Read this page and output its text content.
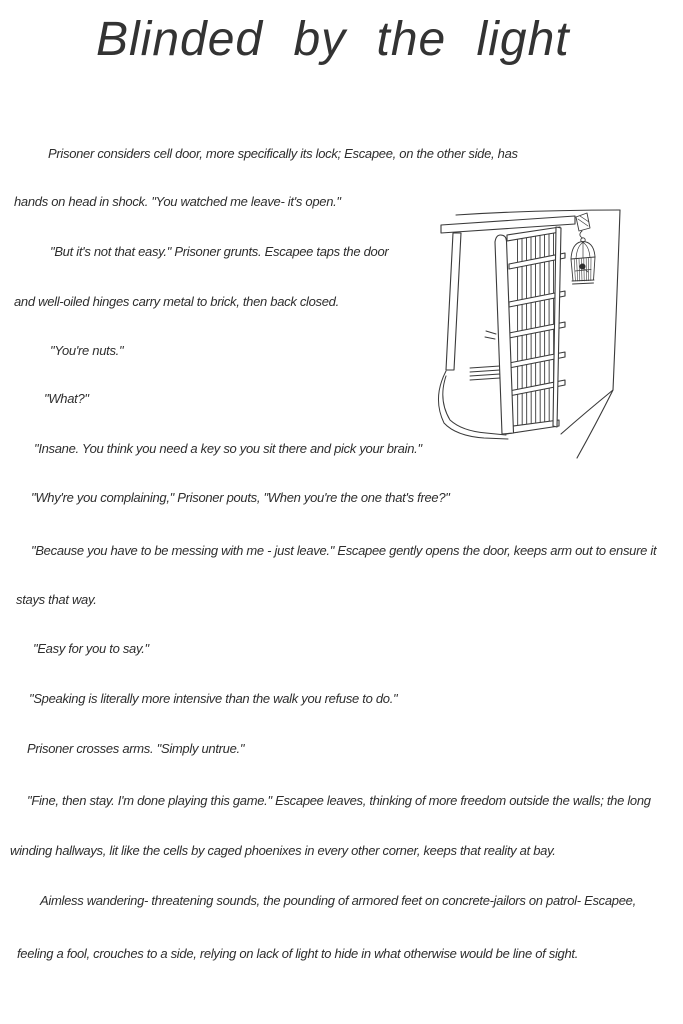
Blinded by the light
Prisoner considers cell door, more specifically its lock; Escapee, on the other side, has
hands on head in shock. "You watched me leave- it's open."
"But it's not that easy." Prisoner grunts. Escapee taps the door
and well-oiled hinges carry metal to brick, then back closed.
"You're nuts."
"What?"
"Insane. You think you need a key so you sit there and pick your brain."
"Why're you complaining," Prisoner pouts, "When you're the one that's free?"
"Because you have to be messing with me - just leave." Escapee gently opens the door, keeps arm out to ensure it
stays that way.
"Easy for you to say."
"Speaking is literally more intensive than the walk you refuse to do."
Prisoner crosses arms. "Simply untrue."
"Fine, then stay. I'm done playing this game." Escapee leaves, thinking of more freedom outside the walls; the long
winding hallways, lit like the cells by caged phoenixes in every other corner, keeps that reality at bay.
Aimless wandering- threatening sounds, the pounding of armored feet on concrete-jailors on patrol- Escapee,
feeling a fool, crouches to a side, relying on lack of light to hide in what otherwise would be line of sight.
